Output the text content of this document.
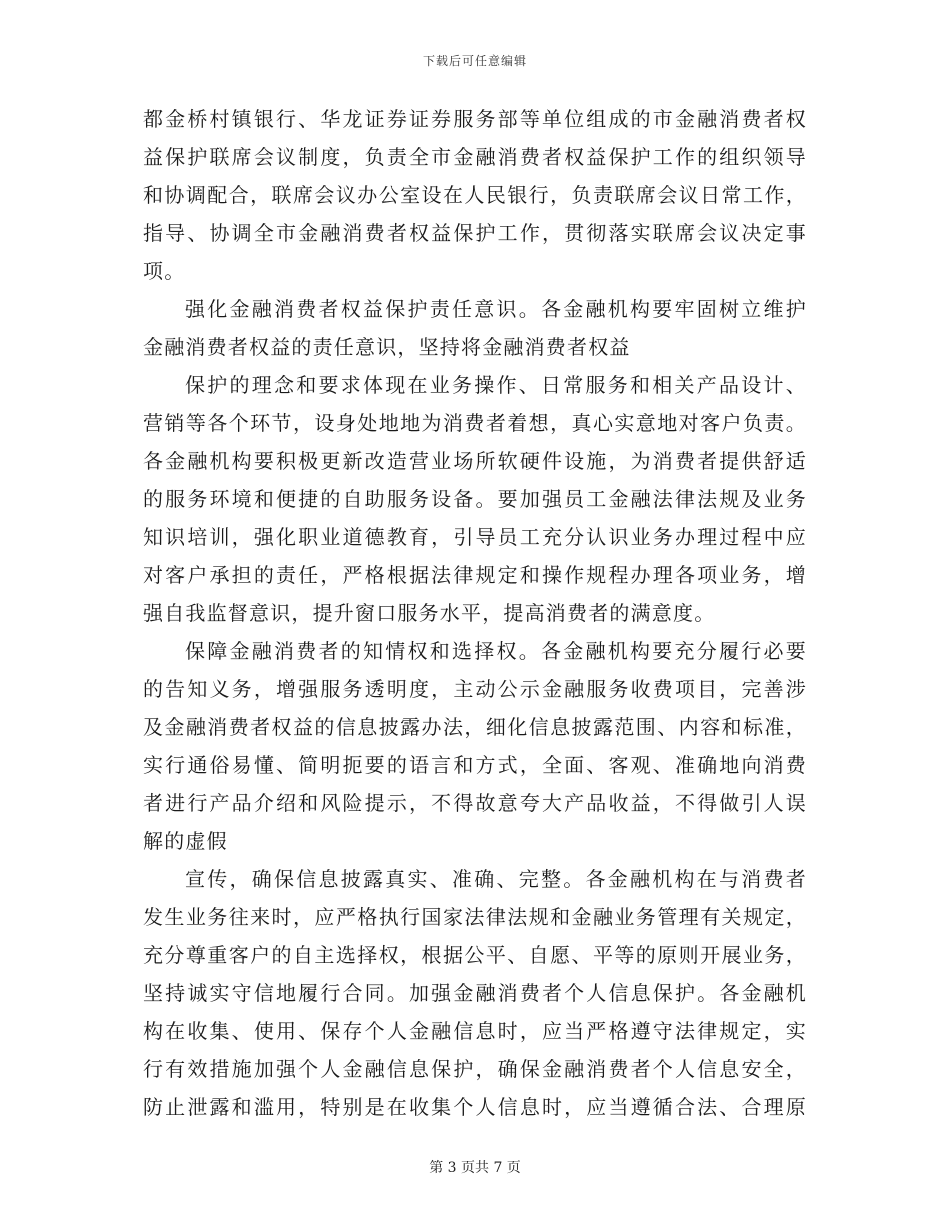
下载后可任意编辑
都金桥村镇银行、华龙证券证券服务部等单位组成的市金融消费者权
益保护联席会议制度，负责全市金融消费者权益保护工作的组织领导
和协调配合，联席会议办公室设在人民银行，负责联席会议日常工作，
指导、协调全市金融消费者权益保护工作，贯彻落实联席会议决定事
项。
强化金融消费者权益保护责任意识。各金融机构要牢固树立维护
金融消费者权益的责任意识，坚持将金融消费者权益
保护的理念和要求体现在业务操作、日常服务和相关产品设计、
营销等各个环节，设身处地地为消费者着想，真心实意地对客户负责。
各金融机构要积极更新改造营业场所软硬件设施，为消费者提供舒适
的服务环境和便捷的自助服务设备。要加强员工金融法律法规及业务
知识培训，强化职业道德教育，引导员工充分认识业务办理过程中应
对客户承担的责任，严格根据法律规定和操作规程办理各项业务，增
强自我监督意识，提升窗口服务水平，提高消费者的满意度。
保障金融消费者的知情权和选择权。各金融机构要充分履行必要
的告知义务，增强服务透明度，主动公示金融服务收费项目，完善涉
及金融消费者权益的信息披露办法，细化信息披露范围、内容和标准，
实行通俗易懂、简明扼要的语言和方式，全面、客观、准确地向消费
者进行产品介绍和风险提示，不得故意夸大产品收益，不得做引人误
解的虚假
宣传，确保信息披露真实、准确、完整。各金融机构在与消费者
发生业务往来时，应严格执行国家法律法规和金融业务管理有关规定，
充分尊重客户的自主选择权，根据公平、自愿、平等的原则开展业务，
坚持诚实守信地履行合同。加强金融消费者个人信息保护。各金融机
构在收集、使用、保存个人金融信息时，应当严格遵守法律规定，实
行有效措施加强个人金融信息保护，确保金融消费者个人信息安全，
防止泄露和滥用，特别是在收集个人信息时，应当遵循合法、合理原
第 3 页共 7 页
